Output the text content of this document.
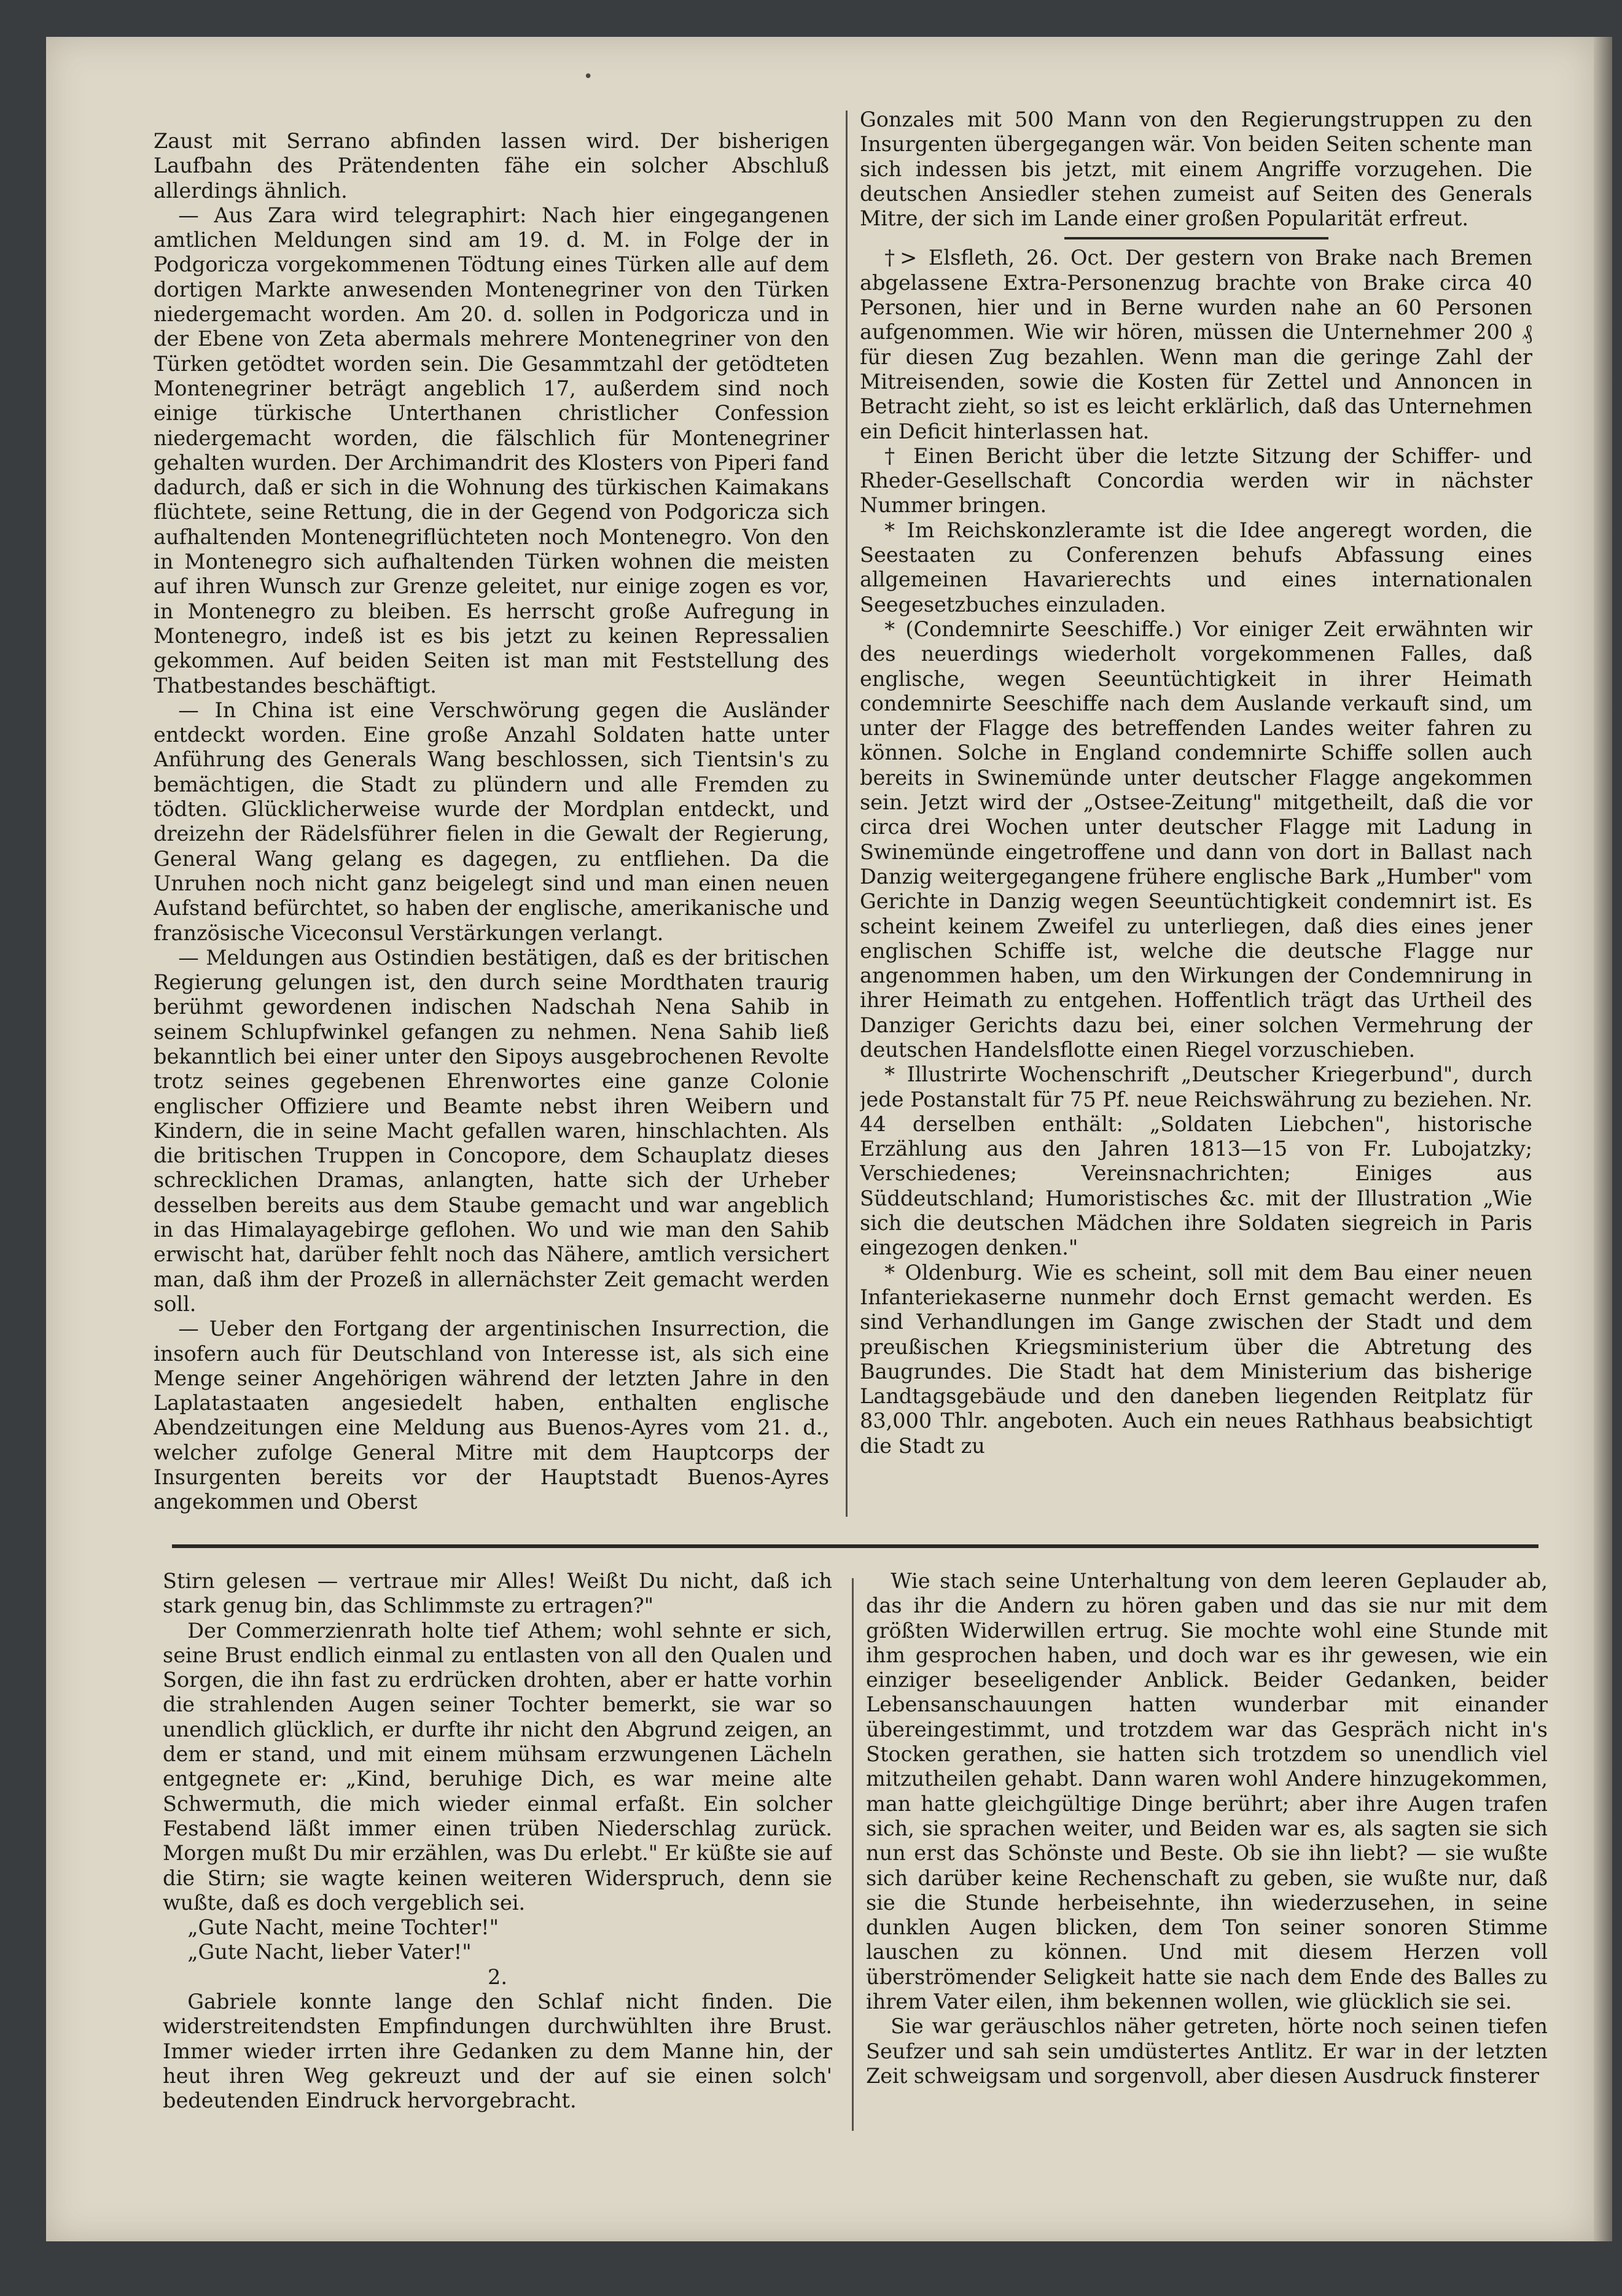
•

Zaust mit Serrano abfinden lassen wird. Der bisherigen Laufbahn des Prätendenten fähe ein solcher Abschluß allerdings ähnlich.

— Aus Zara wird telegraphirt: Nach hier eingegangenen amtlichen Meldungen sind am 19. d. M. in Folge der in Podgoricza vorgekommenen Tödtung eines Türken alle auf dem dortigen Markte anwesenden Montenegriner von den Türken niedergemacht worden. Am 20. d. sollen in Podgoricza und in der Ebene von Zeta abermals mehrere Montenegriner von den Türken getödtet worden sein. Die Gesammtzahl der getödteten Montenegriner beträgt angeblich 17, außerdem sind noch einige türkische Unterthanen christlicher Confession niedergemacht worden, die fälschlich für Montenegriner gehalten wurden. Der Archimandrit des Klosters von Piperi fand dadurch, daß er sich in die Wohnung des türkischen Kaimakans flüchtete, seine Rettung, die in der Gegend von Podgoricza sich aufhaltenden Montenegriflüchteten noch Montenegro. Von den in Montenegro sich aufhaltenden Türken wohnen die meisten auf ihren Wunsch zur Grenze geleitet, nur einige zogen es vor, in Montenegro zu bleiben. Es herrscht große Aufregung in Montenegro, indeß ist es bis jetzt zu keinen Repressalien gekommen. Auf beiden Seiten ist man mit Feststellung des Thatbestandes beschäftigt.

— In China ist eine Verschwörung gegen die Ausländer entdeckt worden. Eine große Anzahl Soldaten hatte unter Anführung des Generals Wang beschlossen, sich Tientsin's zu bemächtigen, die Stadt zu plündern und alle Fremden zu tödten. Glücklicherweise wurde der Mordplan entdeckt, und dreizehn der Rädelsführer fielen in die Gewalt der Regierung, General Wang gelang es dagegen, zu entfliehen. Da die Unruhen noch nicht ganz beigelegt sind und man einen neuen Aufstand befürchtet, so haben der englische, amerikanische und französische Viceconsul Verstärkungen verlangt.

— Meldungen aus Ostindien bestätigen, daß es der britischen Regierung gelungen ist, den durch seine Mordthaten traurig berühmt gewordenen indischen Nadschah Nena Sahib in seinem Schlupfwinkel gefangen zu nehmen. Nena Sahib ließ bekanntlich bei einer unter den Sipoys ausgebrochenen Revolte trotz seines gegebenen Ehrenwortes eine ganze Colonie englischer Offiziere und Beamte nebst ihren Weibern und Kindern, die in seine Macht gefallen waren, hinschlachten. Als die britischen Truppen in Concopore, dem Schauplatz dieses schrecklichen Dramas, anlangten, hatte sich der Urheber desselben bereits aus dem Staube gemacht und war angeblich in das Himalayagebirge geflohen. Wo und wie man den Sahib erwischt hat, darüber fehlt noch das Nähere, amtlich versichert man, daß ihm der Prozeß in allernächster Zeit gemacht werden soll.

— Ueber den Fortgang der argentinischen Insurrection, die insofern auch für Deutschland von Interesse ist, als sich eine Menge seiner Angehörigen während der letzten Jahre in den Laplatastaaten angesiedelt haben, enthalten englische Abendzeitungen eine Meldung aus Buenos-Ayres vom 21. d., welcher zufolge General Mitre mit dem Hauptcorps der Insurgenten bereits vor der Hauptstadt Buenos-Ayres angekommen und Oberst

Gonzales mit 500 Mann von den Regierungstruppen zu den Insurgenten übergegangen wär. Von beiden Seiten schente man sich indessen bis jetzt, mit einem Angriffe vorzugehen. Die deutschen Ansiedler stehen zumeist auf Seiten des Generals Mitre, der sich im Lande einer großen Popularität erfreut.

†> Elsfleth, 26. Oct. Der gestern von Brake nach Bremen abgelassene Extra-Personenzug brachte von Brake circa 40 Personen, hier und in Berne wurden nahe an 60 Personen aufgenommen. Wie wir hören, müssen die Unternehmer 200 ₰ für diesen Zug bezahlen. Wenn man die geringe Zahl der Mitreisenden, sowie die Kosten für Zettel und Annoncen in Betracht zieht, so ist es leicht erklärlich, daß das Unternehmen ein Deficit hinterlassen hat.

† Einen Bericht über die letzte Sitzung der Schiffer- und Rheder-Gesellschaft Concordia werden wir in nächster Nummer bringen.

* Im Reichskonzleramte ist die Idee angeregt worden, die Seestaaten zu Conferenzen behufs Abfassung eines allgemeinen Havarierechts und eines internationalen Seegesetzbuches einzuladen.

* (Condemnirte Seeschiffe.) Vor einiger Zeit erwähnten wir des neuerdings wiederholt vorgekommenen Falles, daß englische, wegen Seeuntüchtigkeit in ihrer Heimath condemnirte Seeschiffe nach dem Auslande verkauft sind, um unter der Flagge des betreffenden Landes weiter fahren zu können. Solche in England condemnirte Schiffe sollen auch bereits in Swinemünde unter deutscher Flagge angekommen sein. Jetzt wird der „Ostsee-Zeitung" mitgetheilt, daß die vor circa drei Wochen unter deutscher Flagge mit Ladung in Swinemünde eingetroffene und dann von dort in Ballast nach Danzig weitergegangene frühere englische Bark „Humber" vom Gerichte in Danzig wegen Seeuntüchtigkeit condemnirt ist. Es scheint keinem Zweifel zu unterliegen, daß dies eines jener englischen Schiffe ist, welche die deutsche Flagge nur angenommen haben, um den Wirkungen der Condemnirung in ihrer Heimath zu entgehen. Hoffentlich trägt das Urtheil des Danziger Gerichts dazu bei, einer solchen Vermehrung der deutschen Handelsflotte einen Riegel vorzuschieben.

* Illustrirte Wochenschrift „Deutscher Kriegerbund", durch jede Postanstalt für 75 Pf. neue Reichswährung zu beziehen. Nr. 44 derselben enthält: „Soldaten Liebchen", historische Erzählung aus den Jahren 1813—15 von Fr. Lubojatzky; Verschiedenes; Vereinsnachrichten; Einiges aus Süddeutschland; Humoristisches &c. mit der Illustration „Wie sich die deutschen Mädchen ihre Soldaten siegreich in Paris eingezogen denken."

* Oldenburg. Wie es scheint, soll mit dem Bau einer neuen Infanteriekaserne nunmehr doch Ernst gemacht werden. Es sind Verhandlungen im Gange zwischen der Stadt und dem preußischen Kriegsministerium über die Abtretung des Baugrundes. Die Stadt hat dem Ministerium das bisherige Landtagsgebäude und den daneben liegenden Reitplatz für 83,000 Thlr. angeboten. Auch ein neues Rathhaus beabsichtigt die Stadt zu

Stirn gelesen — vertraue mir Alles! Weißt Du nicht, daß ich stark genug bin, das Schlimmste zu ertragen?"

Der Commerzienrath holte tief Athem; wohl sehnte er sich, seine Brust endlich einmal zu entlasten von all den Qualen und Sorgen, die ihn fast zu erdrücken drohten, aber er hatte vorhin die strahlenden Augen seiner Tochter bemerkt, sie war so unendlich glücklich, er durfte ihr nicht den Abgrund zeigen, an dem er stand, und mit einem mühsam erzwungenen Lächeln entgegnete er: „Kind, beruhige Dich, es war meine alte Schwermuth, die mich wieder einmal erfaßt. Ein solcher Festabend läßt immer einen trüben Niederschlag zurück. Morgen mußt Du mir erzählen, was Du erlebt." Er küßte sie auf die Stirn; sie wagte keinen weiteren Widerspruch, denn sie wußte, daß es doch vergeblich sei.

„Gute Nacht, meine Tochter!"

„Gute Nacht, lieber Vater!"

2.

Gabriele konnte lange den Schlaf nicht finden. Die widerstreitendsten Empfindungen durchwühlten ihre Brust. Immer wieder irrten ihre Gedanken zu dem Manne hin, der heut ihren Weg gekreuzt und der auf sie einen solch' bedeutenden Eindruck hervorgebracht.

Wie stach seine Unterhaltung von dem leeren Geplauder ab, das ihr die Andern zu hören gaben und das sie nur mit dem größten Widerwillen ertrug. Sie mochte wohl eine Stunde mit ihm gesprochen haben, und doch war es ihr gewesen, wie ein einziger beseeligender Anblick. Beider Gedanken, beider Lebensanschauungen hatten wunderbar mit einander übereingestimmt, und trotzdem war das Gespräch nicht in's Stocken gerathen, sie hatten sich trotzdem so unendlich viel mitzutheilen gehabt. Dann waren wohl Andere hinzugekommen, man hatte gleichgültige Dinge berührt; aber ihre Augen trafen sich, sie sprachen weiter, und Beiden war es, als sagten sie sich nun erst das Schönste und Beste. Ob sie ihn liebt? — sie wußte sich darüber keine Rechenschaft zu geben, sie wußte nur, daß sie die Stunde herbeisehnte, ihn wiederzusehen, in seine dunklen Augen blicken, dem Ton seiner sonoren Stimme lauschen zu können. Und mit diesem Herzen voll überströmender Seligkeit hatte sie nach dem Ende des Balles zu ihrem Vater eilen, ihm bekennen wollen, wie glücklich sie sei.

Sie war geräuschlos näher getreten, hörte noch seinen tiefen Seufzer und sah sein umdüstertes Antlitz. Er war in der letzten Zeit schweigsam und sorgenvoll, aber diesen Ausdruck finsterer
